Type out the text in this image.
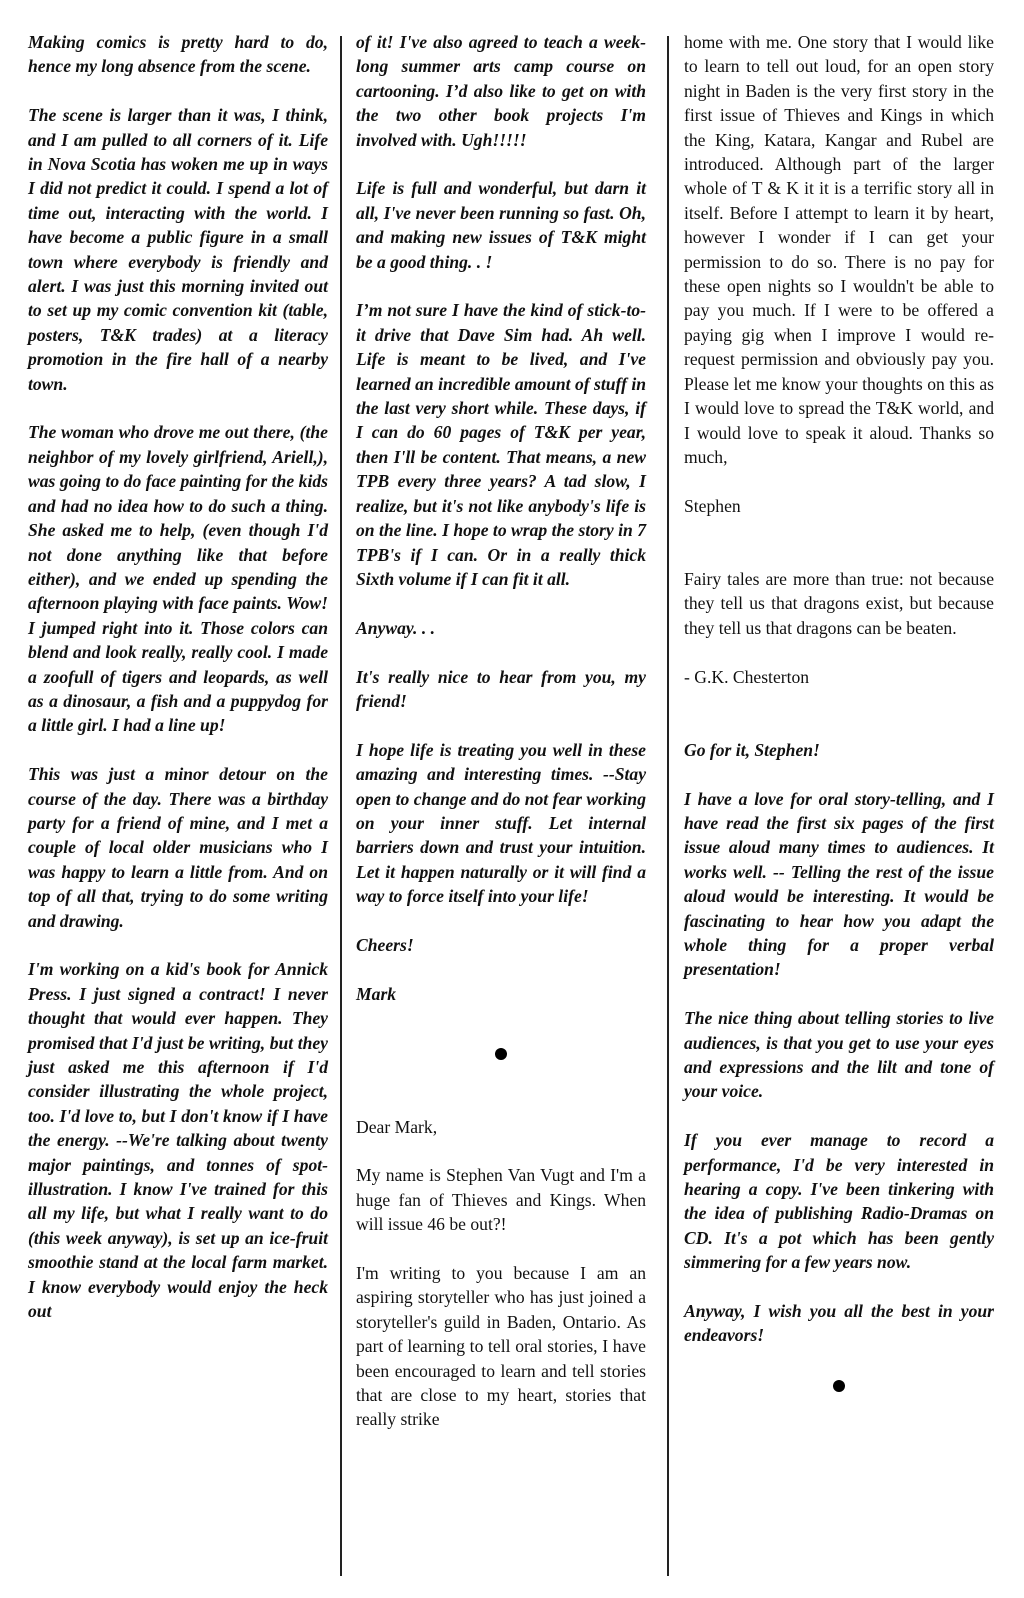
Making comics is pretty hard to do, hence my long absence from the scene.

The scene is larger than it was, I think, and I am pulled to all corners of it. Life in Nova Scotia has woken me up in ways I did not predict it could. I spend a lot of time out, interacting with the world. I have become a public figure in a small town where everybody is friendly and alert. I was just this morning invited out to set up my comic convention kit (table, posters, T&K trades) at a literacy promotion in the fire hall of a nearby town.

The woman who drove me out there, (the neighbor of my lovely girlfriend, Ariell,), was going to do face painting for the kids and had no idea how to do such a thing. She asked me to help, (even though I'd not done anything like that before either), and we ended up spending the afternoon playing with face paints. Wow! I jumped right into it. Those colors can blend and look really, really cool. I made a zoofull of tigers and leopards, as well as a dinosaur, a fish and a puppydog for a little girl. I had a line up!

This was just a minor detour on the course of the day. There was a birthday party for a friend of mine, and I met a couple of local older musicians who I was happy to learn a little from. And on top of all that, trying to do some writing and drawing.

I'm working on a kid's book for Annick Press. I just signed a contract! I never thought that would ever happen. They promised that I'd just be writing, but they just asked me this afternoon if I'd consider illustrating the whole project, too. I'd love to, but I don't know if I have the energy. --We're talking about twenty major paintings, and tonnes of spot-illustration. I know I've trained for this all my life, but what I really want to do (this week anyway), is set up an ice-fruit smoothie stand at the local farm market. I know everybody would enjoy the heck out

of it! I've also agreed to teach a week-long summer arts camp course on cartooning. I’d also like to get on with the two other book projects I'm involved with. Ugh!!!!!

Life is full and wonderful, but darn it all, I've never been running so fast. Oh, and making new issues of T&K might be a good thing. . !

I’m not sure I have the kind of stick-to-it drive that Dave Sim had. Ah well. Life is meant to be lived, and I've learned an incredible amount of stuff in the last very short while. These days, if I can do 60 pages of T&K per year, then I'll be content. That means, a new TPB every three years? A tad slow, I realize, but it's not like anybody's life is on the line. I hope to wrap the story in 7 TPB's if I can. Or in a really thick Sixth volume if I can fit it all.

Anyway. . .

It's really nice to hear from you, my friend!

I hope life is treating you well in these amazing and interesting times. --Stay open to change and do not fear working on your inner stuff. Let internal barriers down and trust your intuition. Let it happen naturally or it will find a way to force itself into your life!

Cheers!

Mark

Dear Mark,

My name is Stephen Van Vugt and I'm a huge fan of Thieves and Kings. When will issue 46 be out?!

I'm writing to you because I am an aspiring storyteller who has just joined a storyteller's guild in Baden, Ontario. As part of learning to tell oral stories, I have been encouraged to learn and tell stories that are close to my heart, stories that really strike

home with me. One story that I would like to learn to tell out loud, for an open story night in Baden is the very first story in the first issue of Thieves and Kings in which the King, Katara, Kangar and Rubel are introduced. Although part of the larger whole of T & K it it is a terrific story all in itself. Before I attempt to learn it by heart, however I wonder if I can get your permission to do so. There is no pay for these open nights so I wouldn't be able to pay you much. If I were to be offered a paying gig when I improve I would re-request permission and obviously pay you. Please let me know your thoughts on this as I would love to spread the T&K world, and I would love to speak it aloud. Thanks so much,

Stephen

Fairy tales are more than true: not because they tell us that dragons exist, but because they tell us that dragons can be beaten.

- G.K. Chesterton

Go for it, Stephen!

I have a love for oral story-telling, and I have read the first six pages of the first issue aloud many times to audiences. It works well. -- Telling the rest of the issue aloud would be interesting. It would be fascinating to hear how you adapt the whole thing for a proper verbal presentation!

The nice thing about telling stories to live audiences, is that you get to use your eyes and expressions and the lilt and tone of your voice.

If you ever manage to record a performance, I'd be very interested in hearing a copy. I've been tinkering with the idea of publishing Radio-Dramas on CD. It's a pot which has been gently simmering for a few years now.

Anyway, I wish you all the best in your endeavors!
